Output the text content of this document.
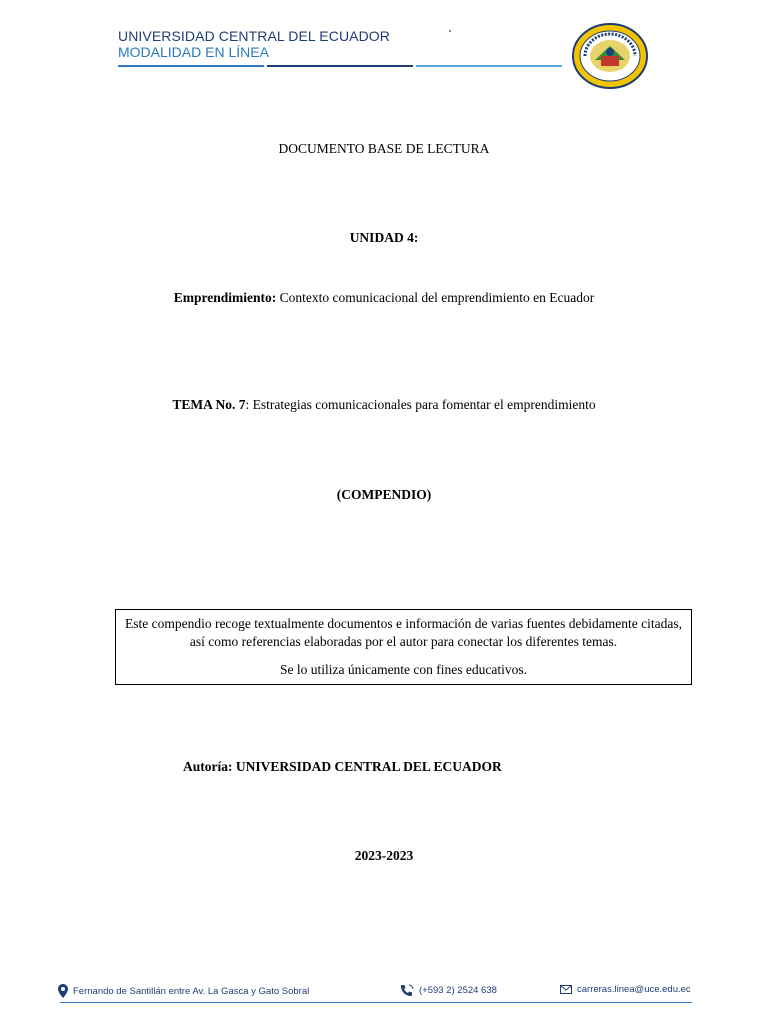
UNIVERSIDAD CENTRAL DEL ECUADOR
MODALIDAD EN LÍNEA
DOCUMENTO BASE DE LECTURA
UNIDAD 4:
Emprendimiento: Contexto comunicacional del emprendimiento en Ecuador
TEMA No. 7: Estrategias comunicacionales para fomentar el emprendimiento
(COMPENDIO)

Este compendio recoge textualmente documentos e información de varias fuentes debidamente citadas, así como referencias elaboradas por el autor para conectar los diferentes temas.

Se lo utiliza únicamente con fines educativos.

Autoría: UNIVERSIDAD CENTRAL DEL ECUADOR
2023-2023
Fernando de Santillán entre Av. La Gasca y Gato Sobral	(+593 2) 2524 638	carreras.linea@uce.edu.ec
